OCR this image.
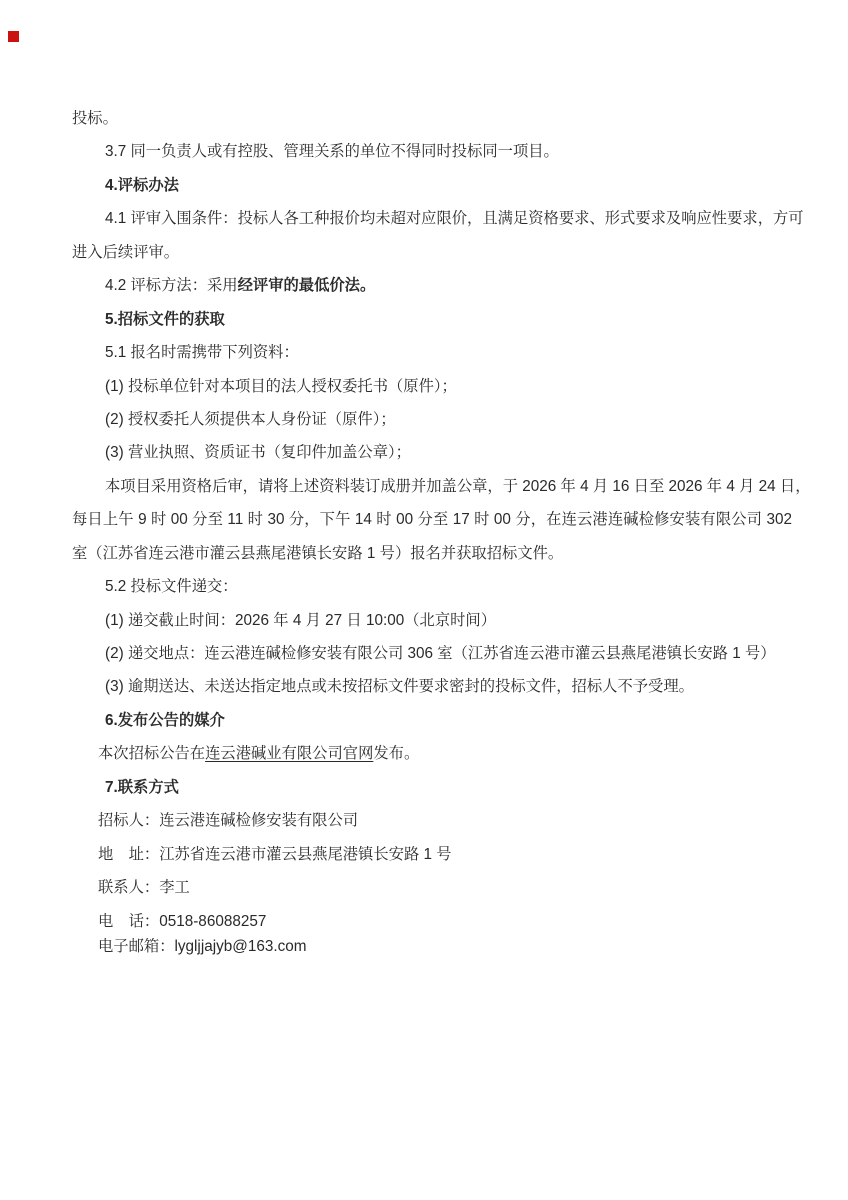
投标。
3.7 同一负责人或有控股、管理关系的单位不得同时投标同一项目。
4.评标办法
4.1 评审入围条件：投标人各工种报价均未超对应限价，且满足资格要求、形式要求及响应性要求，方可
进入后续评审。
4.2 评标方法：采用经评审的最低价法。
5.招标文件的获取
5.1 报名时需携带下列资料：
(1) 投标单位针对本项目的法人授权委托书（原件）；
(2) 授权委托人须提供本人身份证（原件）；
(3) 营业执照、资质证书（复印件加盖公章）；
本项目采用资格后审，请将上述资料装订成册并加盖公章，于 2026 年 4 月 16 日至 2026 年 4 月 24 日，
每日上午 9 时 00 分至 11 时 30 分，下午 14 时 00 分至 17 时 00 分，在连云港连碱检修安装有限公司 302
室（江苏省连云港市灌云县燕尾港镇长安路 1 号）报名并获取招标文件。
5.2 投标文件递交：
(1) 递交截止时间：2026 年 4 月 27 日 10:00（北京时间）
(2) 递交地点：连云港连碱检修安装有限公司 306 室（江苏省连云港市灌云县燕尾港镇长安路 1 号）
(3) 逾期送达、未送达指定地点或未按招标文件要求密封的投标文件，招标人不予受理。
6.发布公告的媒介
本次招标公告在连云港碱业有限公司官网发布。
7.联系方式
招标人：连云港连碱检修安装有限公司
地　址：江苏省连云港市灌云县燕尾港镇长安路 1 号
联系人：李工
电　话：0518-86088257
电子邮箱：lygljjajyb@163.com
